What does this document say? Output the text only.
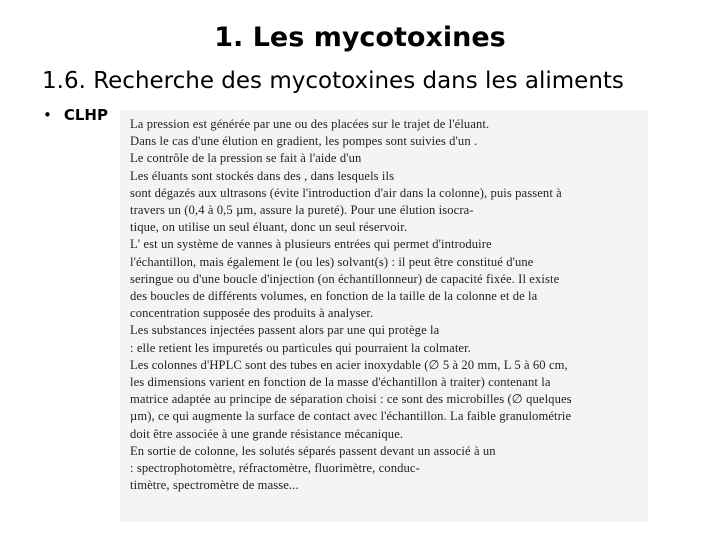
1. Les mycotoxines
1.6. Recherche des mycotoxines dans les aliments
• CLHP La pression est générée par une ou des placées sur le trajet de l'éluant.
Dans le cas d'une élution en gradient, les pompes sont suivies d'un .
Le contrôle de la pression se fait à l'aide d'un
Les éluants sont stockés dans des , dans lesquels ils
sont dégazés aux ultrasons (évite l'introduction d'air dans la colonne), puis passent à
travers un (0,4 à 0,5 µm, assure la pureté). Pour une élution isocra-
tique, on utilise un seul éluant, donc un seul réservoir.
L' est un système de vannes à plusieurs entrées qui permet d'introduire
l'échantillon, mais également le (ou les) solvant(s) : il peut être constitué d'une
seringue ou d'une boucle d'injection (on échantillonneur) de capacité fixée. Il existe
des boucles de différents volumes, en fonction de la taille de la colonne et de la
concentration supposée des produits à analyser.
Les substances injectées passent alors par une qui protège la
: elle retient les impuretés ou particules qui pourraient la colmater.
Les colonnes d'HPLC sont des tubes en acier inoxydable (∅ 5 à 20 mm, L 5 à 60 cm,
les dimensions varient en fonction de la masse d'échantillon à traiter) contenant la
matrice adaptée au principe de séparation choisi : ce sont des microbilles (∅ quelques
µm), ce qui augmente la surface de contact avec l'échantillon. La faible granulométrie
doit être associée à une grande résistance mécanique.
En sortie de colonne, les solutés séparés passent devant un associé à un
: spectrophotomètre, réfractomètre, fluorimètre, conduc-
timètre, spectromètre de masse...
